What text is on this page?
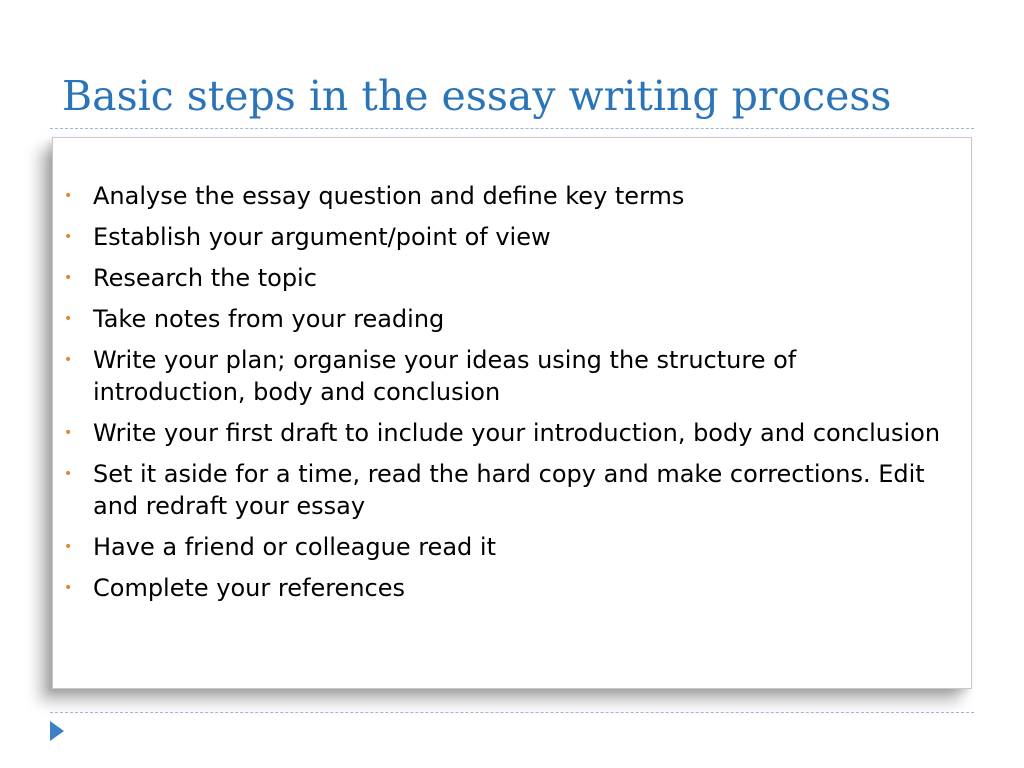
Basic steps in the essay writing process
• Analyse the essay question and define key terms
• Establish your argument/point of view
• Research the topic
• Take notes from your reading
• Write your plan; organise your ideas using the structure of introduction, body and conclusion
• Write your first draft to include your introduction, body and conclusion
• Set it aside for a time, read the hard copy and make corrections. Edit and redraft your essay
• Have a friend or colleague read it
• Complete your references
